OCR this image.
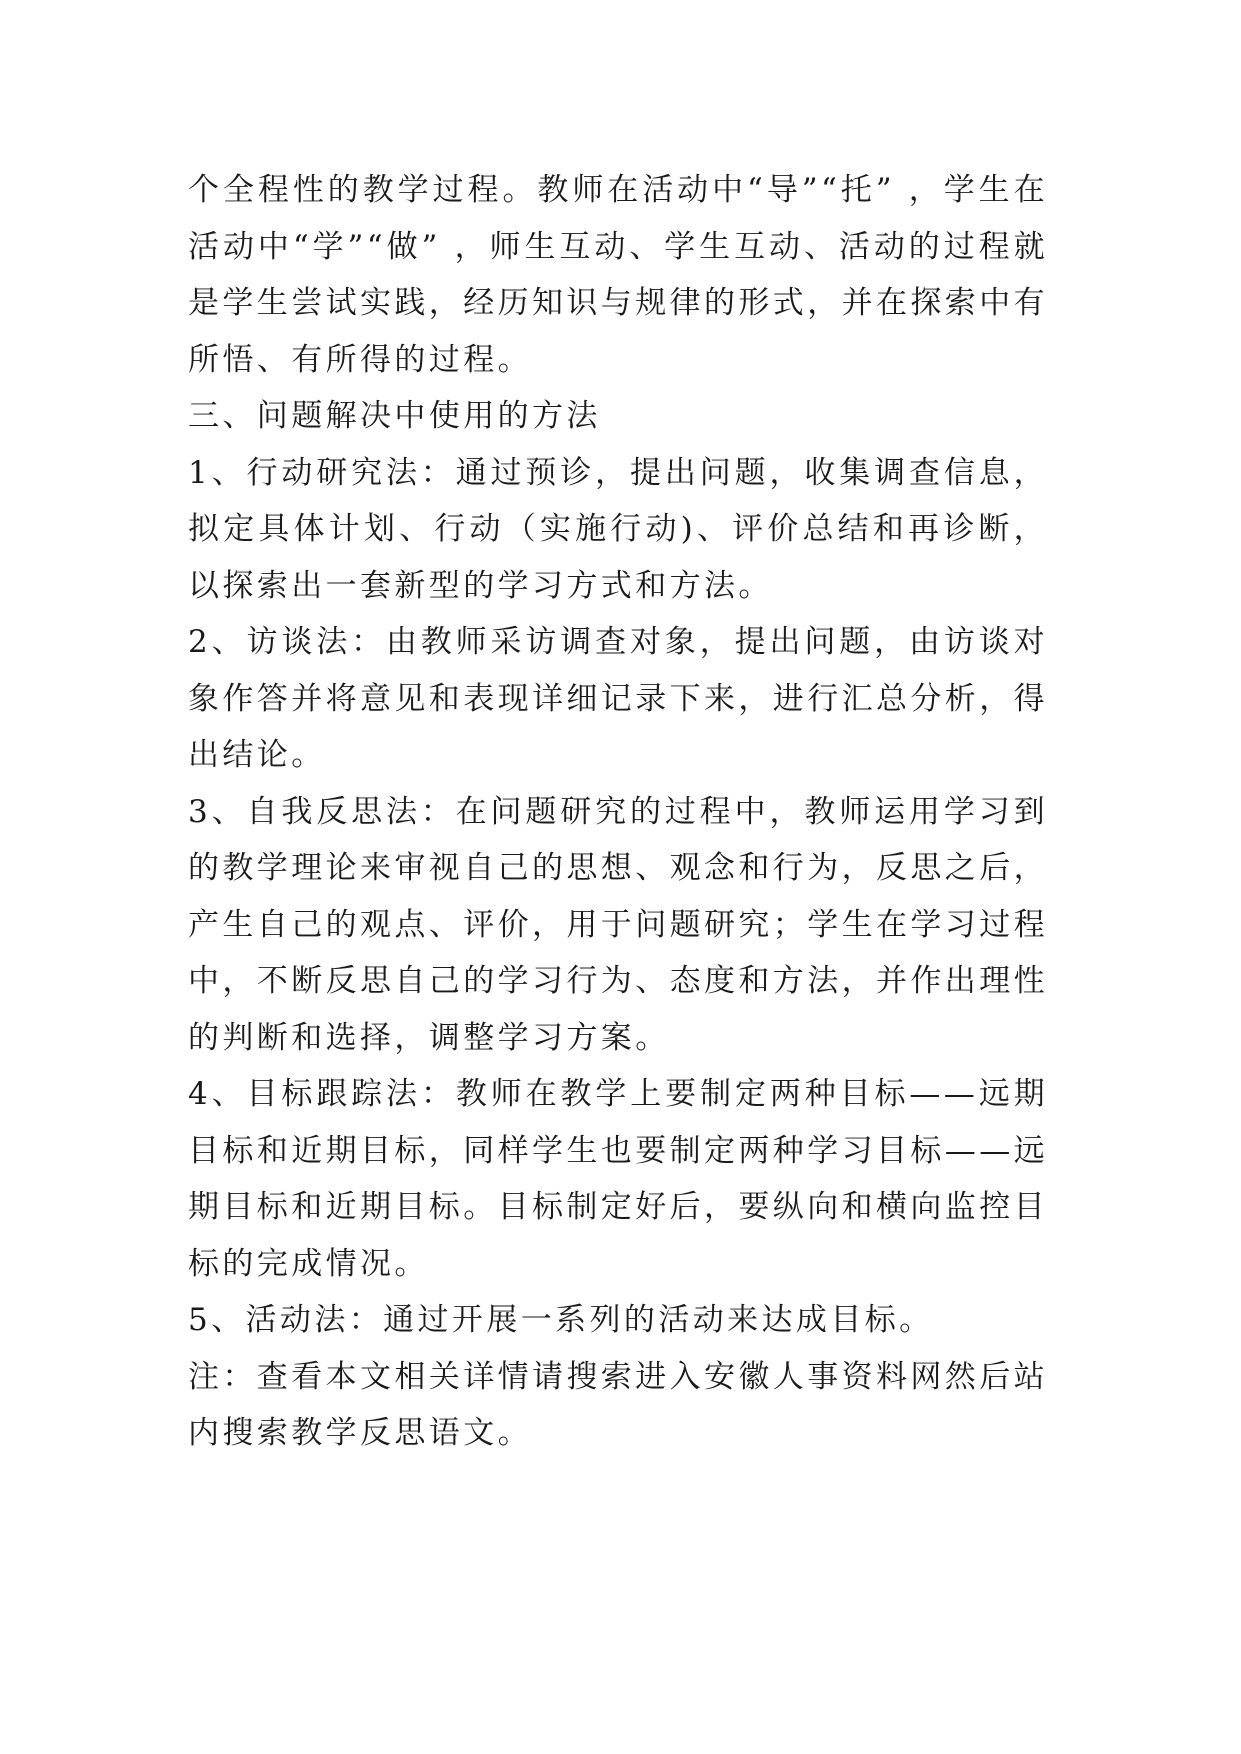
个全程性的教学过程。教师在活动中“导”“托” ，学生在活动中“学”“做” ，师生互动、学生互动、活动的过程就是学生尝试实践，经历知识与规律的形式，并在探索中有所悟、有所得的过程。

三、问题解决中使用的方法

1、行动研究法：通过预诊，提出问题，收集调查信息，拟定具体计划、行动（实施行动)、评价总结和再诊断，以探索出一套新型的学习方式和方法。

2、访谈法：由教师采访调查对象，提出问题，由访谈对象作答并将意见和表现详细记录下来，进行汇总分析，得出结论。

3、自我反思法：在问题研究的过程中，教师运用学习到的教学理论来审视自己的思想、观念和行为，反思之后，产生自己的观点、评价，用于问题研究；学生在学习过程中，不断反思自己的学习行为、态度和方法，并作出理性的判断和选择，调整学习方案。

4、目标跟踪法：教师在教学上要制定两种目标——远期目标和近期目标，同样学生也要制定两种学习目标——远期目标和近期目标。目标制定好后，要纵向和横向监控目标的完成情况。

5、活动法：通过开展一系列的活动来达成目标。

注：查看本文相关详情请搜索进入安徽人事资料网然后站内搜索教学反思语文。
